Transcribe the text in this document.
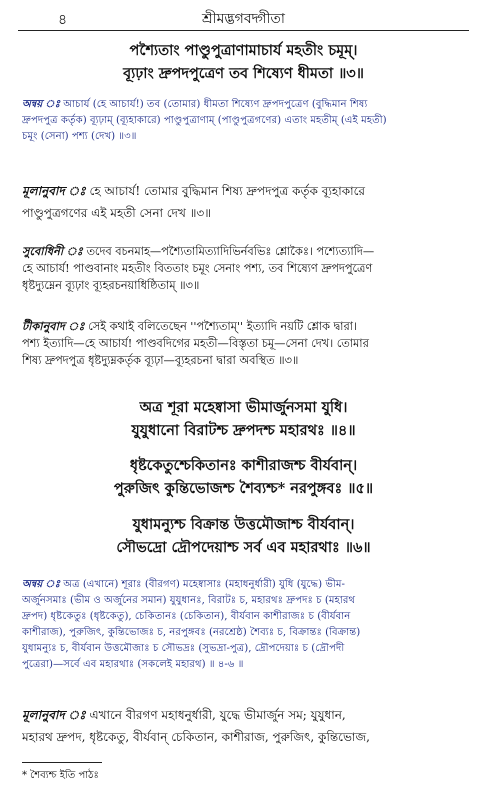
৪	শ্রীমদ্ভগবদ্গীতা
পশ্যৈতাং পাণ্ডুপুত্রাণামাচার্য মহতীং চমূম্।
ব্যূঢ়াং দ্রুপদপুত্রেণ তব শিষ্যেণ ধীমতা ॥৩॥
অন্বয় ঃ আচার্য (হে আচার্য!) তব (তোমার) ধীমতা শিষ্যেণ দ্রুপদপুত্রেণ (বুদ্ধিমান শিষ্য
দ্রুপদপুত্র কর্তৃক) ব্যূঢ়াম্ (ব্যূহাকারে) পাণ্ডুপুত্রাণাম্ (পাণ্ডুপুত্রগণের) এতাং মহতীম্ (এই মহতী)
চমূং (সেনা) পশ্য (দেখ) ॥৩॥
মূলানুবাদ ঃ হে আচার্য! তোমার বুদ্ধিমান শিষ্য দ্রুপদপুত্র কর্তৃক ব্যূহাকারে
পাণ্ডুপুত্রগণের এই মহতী সেনা দেখ ॥৩॥
সুবোধিনী ঃ তদেব বচনমাহ—পশ্যৈতামিত্যাদিভির্নবভিঃ শ্লোকৈঃ। পশ্যেত্যাদি—
হে আচার্য! পাণ্ডবানাং মহতীং বিততাং চমূং সেনাং পশ্য, তব শিষ্যেণ দ্রুপদপুত্রেণ
ধৃষ্টদ্যুম্নেন ব্যূঢ়াং ব্যূহরচনয়াধিষ্ঠিতাম্ ॥৩॥
টীকানুবাদ ঃ সেই কথাই বলিতেছেন ''পশ্যৈতাম্'' ইত্যাদি নয়টি শ্লোক দ্বারা।
পশ্য ইত্যাদি—হে আচার্য! পাণ্ডবদিগের মহতী—বিস্তৃতা চমূ—সেনা দেখ। তোমার
শিষ্য দ্রুপদপুত্র ধৃষ্টদ্যুম্নকর্তৃক ব্যূঢ়া—ব্যূহরচনা দ্বারা অবস্থিত ॥৩॥
অত্র শূরা মহেষ্বাসা ভীমার্জুনসমা যুধি।
যুযুধানো বিরাটশ্চ দ্রুপদশ্চ মহারথঃ ॥৪॥
ধৃষ্টকেতুশ্চেকিতানঃ কাশীরাজশ্চ বীর্যবান্।
পুরুজিৎ কুন্তিভোজশ্চ শৈব্যশ্চ* নরপুঙ্গবঃ ॥৫॥
যুধামন্যুশ্চ বিক্রান্ত উত্তমৌজাশ্চ বীর্যবান্।
সৌভদ্রো দ্রৌপদেয়াশ্চ সর্ব এব মহারথাঃ ॥৬॥
অন্বয় ঃ অত্র (এখানে) শূরাঃ (বীরগণ) মহেষ্বাসাঃ (মহাধনুর্ধারী) যুধি (যুদ্ধে) ভীম-
অর্জুনসমাঃ (ভীম ও অর্জুনের সমান) যুযুধানঃ, বিরাটঃ চ, মহারথঃ দ্রুপদঃ চ (মহারথ
দ্রুপদ) ধৃষ্টকেতুঃ (ধৃষ্টকেতু), চেকিতানঃ (চেকিতান), বীর্যবান কাশীরাজঃ চ (বীর্যবান
কাশীরাজ), পুরুজিৎ, কুন্তিভোজঃ চ, নরপুঙ্গবঃ (নরশ্রেষ্ঠ) শৈব্যঃ চ, বিক্রান্তঃ (বিক্রান্ত)
যুধামন্যুঃ চ, বীর্যবান উত্তমৌজাঃ চ সৌভদ্রঃ (সুভদ্রা-পুত্র), দ্রৌপদেয়াঃ চ (দ্রৌপদী
পুত্রেরা)—সর্বে এব মহারথাঃ (সকলেই মহারথ) ॥ ৪-৬ ॥
মূলানুবাদ ঃ এখানে বীরগণ মহাধনুর্ধারী, যুদ্ধে ভীমার্জুন সম; যুযুধান,
মহারথ দ্রুপদ, ধৃষ্টকেতু, বীর্যবান্ চেকিতান, কাশীরাজ, পুরুজিৎ, কুন্তিভোজ,
* শৈব্যশ্চ ইতি পাঠঃ
